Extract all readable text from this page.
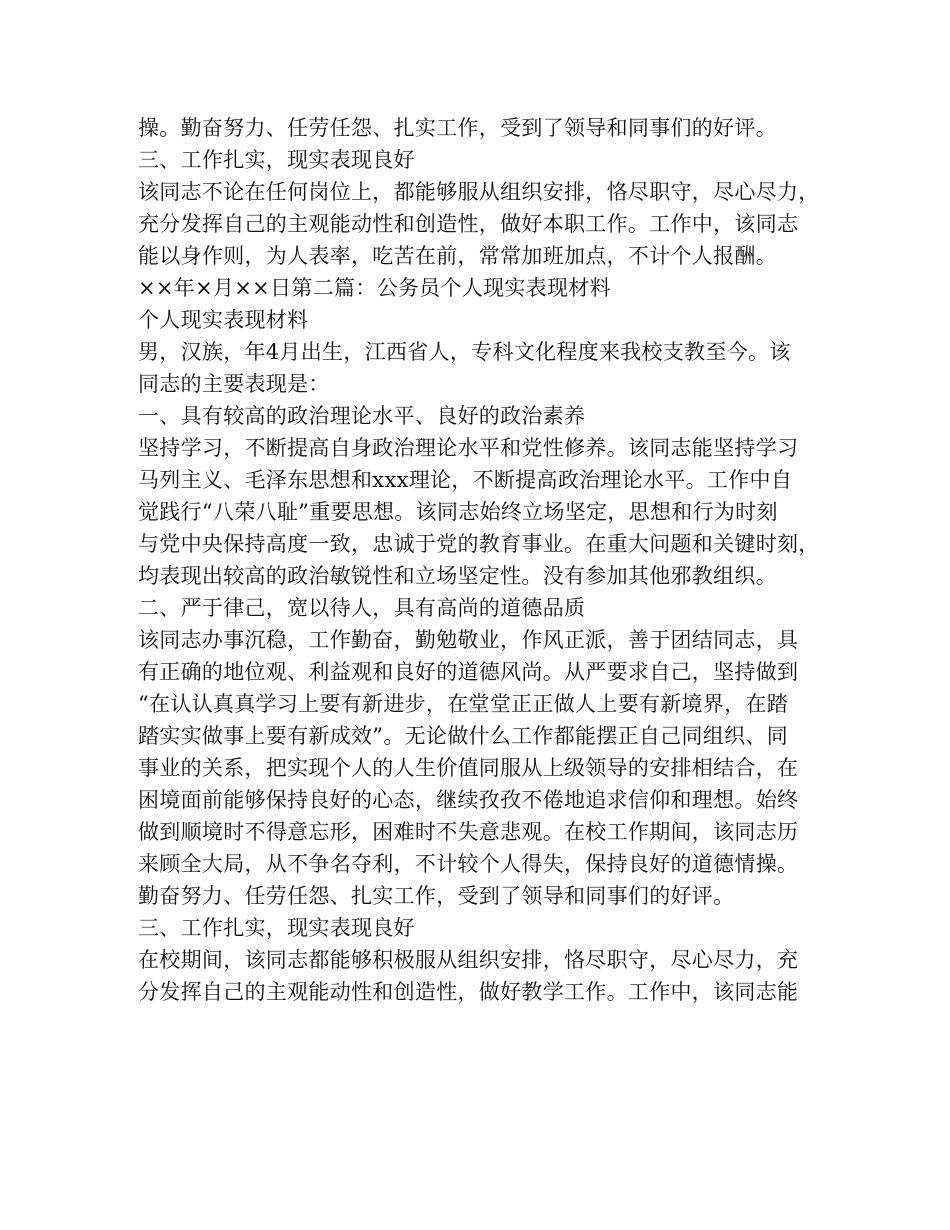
操。勤奋努力、任劳任怨、扎实工作，受到了领导和同事们的好评。
三、工作扎实，现实表现良好
该同志不论在任何岗位上，都能够服从组织安排，恪尽职守，尽心尽力，
充分发挥自己的主观能动性和创造性，做好本职工作。工作中，该同志
能以身作则，为人表率，吃苦在前，常常加班加点，不计个人报酬。
××年×月××日第二篇：公务员个人现实表现材料
个人现实表现材料
男，汉族，年4月出生，江西省人，专科文化程度来我校支教至今。该
同志的主要表现是：
一、具有较高的政治理论水平、良好的政治素养
坚持学习，不断提高自身政治理论水平和党性修养。该同志能坚持学习
马列主义、毛泽东思想和xxx理论，不断提高政治理论水平。工作中自
觉践行“八荣八耻”重要思想。该同志始终立场坚定，思想和行为时刻
与党中央保持高度一致，忠诚于党的教育事业。在重大问题和关键时刻，
均表现出较高的政治敏锐性和立场坚定性。没有参加其他邪教组织。
二、严于律己，宽以待人，具有高尚的道德品质
该同志办事沉稳，工作勤奋，勤勉敬业，作风正派，善于团结同志，具
有正确的地位观、利益观和良好的道德风尚。从严要求自己，坚持做到
“在认认真真学习上要有新进步，在堂堂正正做人上要有新境界，在踏
踏实实做事上要有新成效”。无论做什么工作都能摆正自己同组织、同
事业的关系，把实现个人的人生价值同服从上级领导的安排相结合，在
困境面前能够保持良好的心态，继续孜孜不倦地追求信仰和理想。始终
做到顺境时不得意忘形，困难时不失意悲观。在校工作期间，该同志历
来顾全大局，从不争名夺利，不计较个人得失，保持良好的道德情操。
勤奋努力、任劳任怨、扎实工作，受到了领导和同事们的好评。
三、工作扎实，现实表现良好
在校期间，该同志都能够积极服从组织安排，恪尽职守，尽心尽力，充
分发挥自己的主观能动性和创造性，做好教学工作。工作中，该同志能
